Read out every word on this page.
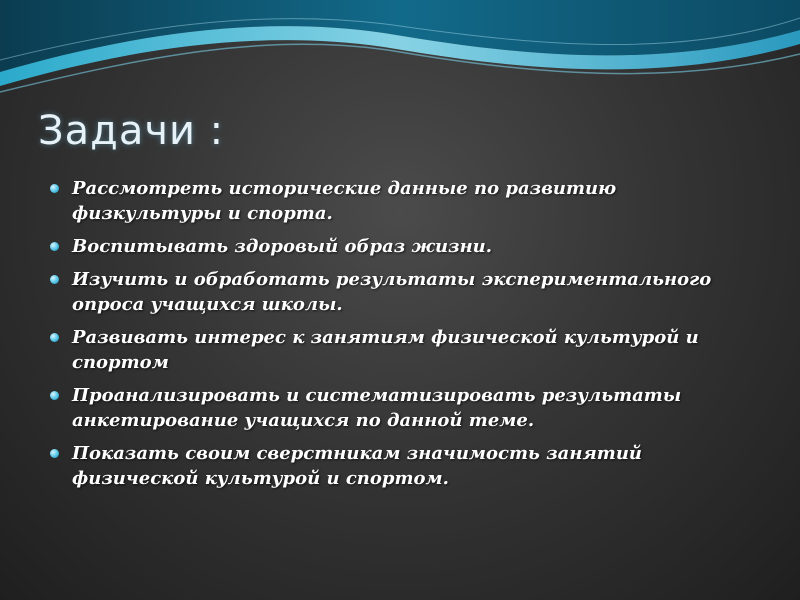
Задачи :
Рассмотреть исторические данные по развитию физкультуры и спорта.
Воспитывать здоровый образ жизни.
Изучить и обработать результаты экспериментального опроса учащихся школы.
Развивать интерес к занятиям физической культурой и спортом
Проанализировать и систематизировать результаты анкетирование учащихся по данной теме.
Показать своим сверстникам значимость занятий физической культурой и спортом.
